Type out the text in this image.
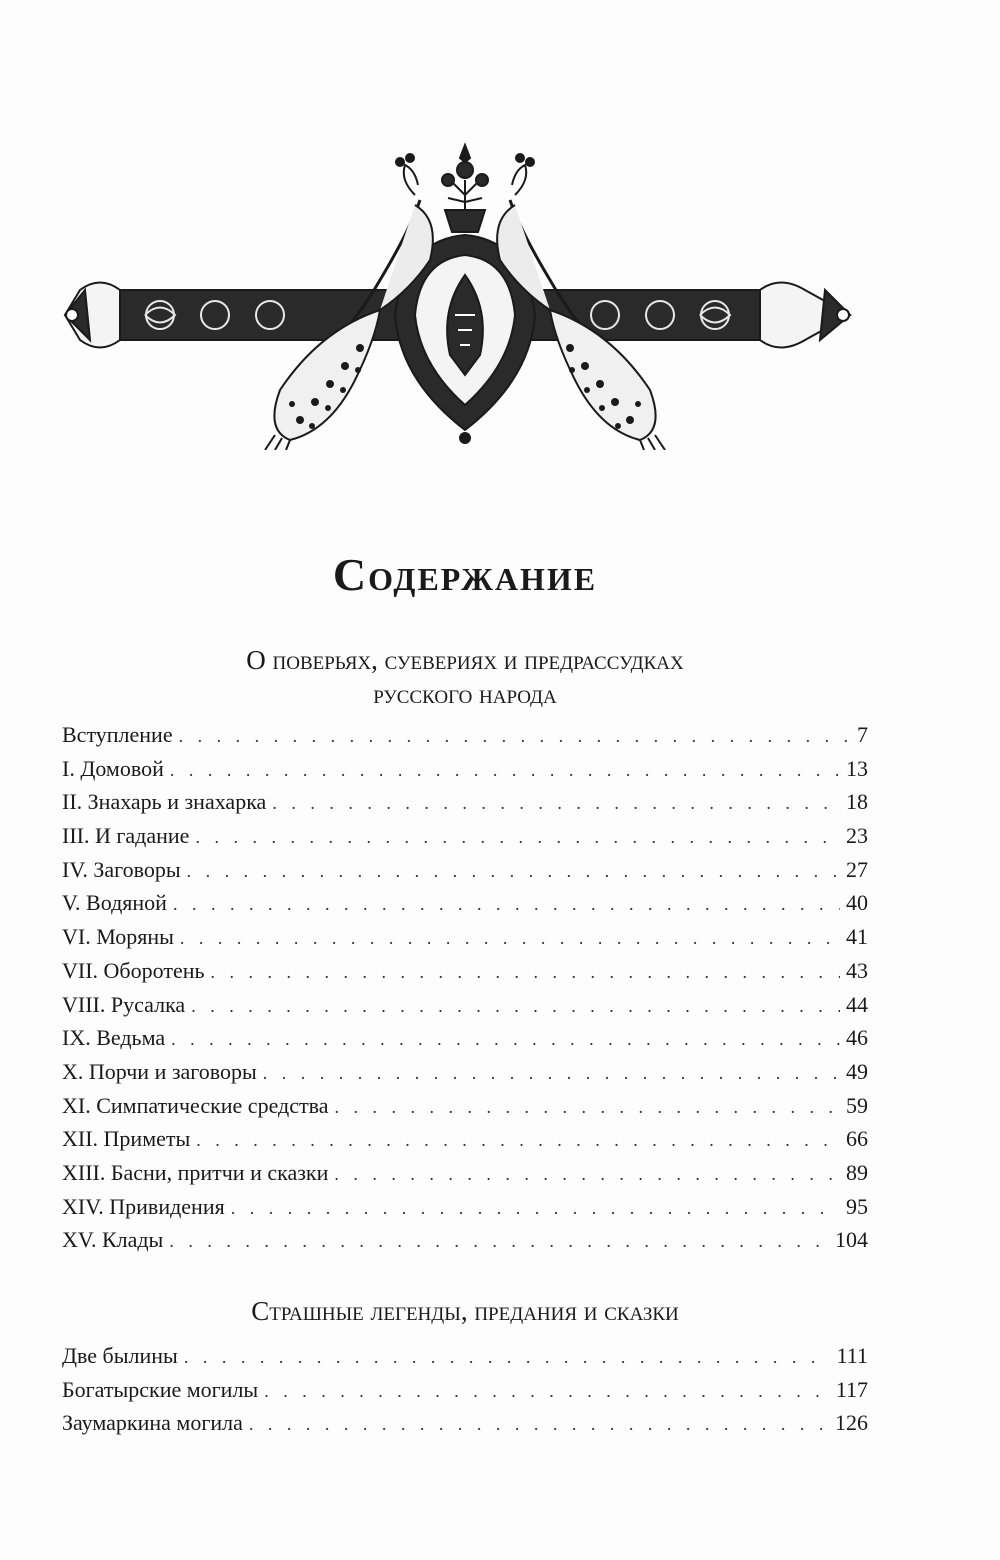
Содержание
О поверьях, суевериях и предрассудках
русского народа
Вступление . . .	7
I. Домовой . . .	13
II. Знахарь и знахарка . . .	18
III. И гадание . . .	23
IV. Заговоры . . .	27
V. Водяной . . .	40
VI. Моряны . . .	41
VII. Оборотень . . .	43
VIII. Русалка . . .	44
IX. Ведьма . . .	46
X. Порчи и заговоры . . .	49
XI. Симпатические средства . . .	59
XII. Приметы . . .	66
XIII. Басни, притчи и сказки . . .	89
XIV. Привидения . . .	95
XV. Клады . . .	104
Страшные легенды, предания и сказки
Две былины . . .	111
Богатырские могилы . . .	117
Заумаркина могила . . .	126
